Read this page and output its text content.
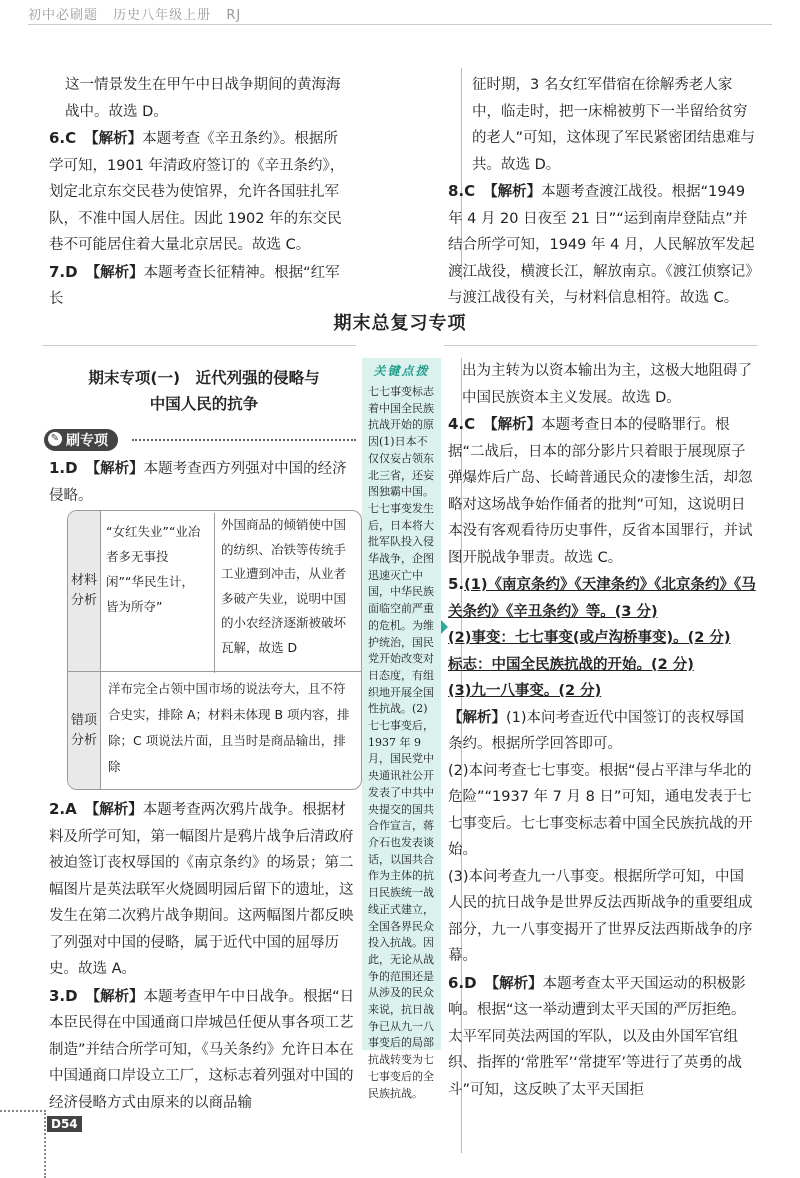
初中必刷题 历史八年级上册 RJ

这一情景发生在甲午中日战争期间的黄海海战中。故选 D。

6.C 【解析】本题考查《辛丑条约》。根据所学可知，1901 年清政府签订的《辛丑条约》，划定北京东交民巷为使馆界，允许各国驻扎军队，不准中国人居住。因此 1902 年的东交民巷不可能居住着大量北京居民。故选 C。

7.D 【解析】本题考查长征精神。根据“红军长

征时期，3 名女红军借宿在徐解秀老人家中，临走时，把一床棉被剪下一半留给贫穷的老人”可知，这体现了军民紧密团结患难与共。故选 D。

8.C 【解析】本题考查渡江战役。根据“1949 年 4 月 20 日夜至 21 日”“运到南岸登陆点”并结合所学可知，1949 年 4 月，人民解放军发起渡江战役，横渡长江，解放南京。《渡江侦察记》与渡江战役有关，与材料信息相符。故选 C。

期末总复习专项
期末专项(一)　近代列强的侵略与
中国人民的抗争
✎ 刷专项

1.D 【解析】本题考查西方列强对中国的经济侵略。

材料分析
“女红失业”“业冶者多无事投闲”“华民生计，皆为所夺”
外国商品的倾销使中国的纺织、冶铁等传统手工业遭到冲击，从业者多破产失业，说明中国的小农经济逐渐被破坏瓦解，故选 D
错项分析
洋布完全占领中国市场的说法夸大，且不符合史实，排除 A；材料未体现 B 项内容，排除；C 项说法片面，且当时是商品输出，排除

2.A 【解析】本题考查两次鸦片战争。根据材料及所学可知，第一幅图片是鸦片战争后清政府被迫签订丧权辱国的《南京条约》的场景；第二幅图片是英法联军火烧圆明园后留下的遗址，这发生在第二次鸦片战争期间。这两幅图片都反映了列强对中国的侵略，属于近代中国的屈辱历史。故选 A。

3.D 【解析】本题考查甲午中日战争。根据“日本臣民得在中国通商口岸城邑任便从事各项工艺制造”并结合所学可知，《马关条约》允许日本在中国通商口岸设立工厂，这标志着列强对中国的经济侵略方式由原来的以商品输

关键点拨
七七事变标志着中国全民族抗战开始的原因(1)日本不仅仅妄占领东北三省，还妄图独霸中国。七七事变发生后，日本将大批军队投入侵华战争，企图迅速灭亡中国，中华民族面临空前严重的危机。为维护统治，国民党开始改变对日态度，有组织地开展全国性抗战。(2)七七事变后，1937 年 9 月，国民党中央通讯社公开发表了中共中央提交的国共合作宣言，蒋介石也发表谈话，以国共合作为主体的抗日民族统一战线正式建立，全国各界民众投入抗战。因此，无论从战争的范围还是从涉及的民众来说，抗日战争已从九一八事变后的局部抗战转变为七七事变后的全民族抗战。

出为主转为以资本输出为主，这极大地阻碍了中国民族资本主义发展。故选 D。

4.C 【解析】本题考查日本的侵略罪行。根据“二战后，日本的部分影片只着眼于展现原子弹爆炸后广岛、长崎普通民众的凄惨生活，却忽略对这场战争始作俑者的批判”可知，这说明日本没有客观看待历史事件，反省本国罪行，并试图开脱战争罪责。故选 C。

5.(1)《南京条约》《天津条约》《北京条约》《马关条约》《辛丑条约》等。(3 分)

(2)事变：七七事变(或卢沟桥事变)。(2 分)

标志：中国全民族抗战的开始。(2 分)

(3)九一八事变。(2 分)

【解析】(1)本问考查近代中国签订的丧权辱国条约。根据所学回答即可。

(2)本问考查七七事变。根据“侵占平津与华北的危险”“1937 年 7 月 8 日”可知，通电发表于七七事变后。七七事变标志着中国全民族抗战的开始。

(3)本问考查九一八事变。根据所学可知，中国人民的抗日战争是世界反法西斯战争的重要组成部分，九一八事变揭开了世界反法西斯战争的序幕。

6.D 【解析】本题考查太平天国运动的积极影响。根据“这一举动遭到太平天国的严厉拒绝。太平军同英法两国的军队，以及由外国军官组织、指挥的‘常胜军’‘常捷军’等进行了英勇的战斗”可知，这反映了太平天国拒

D54
